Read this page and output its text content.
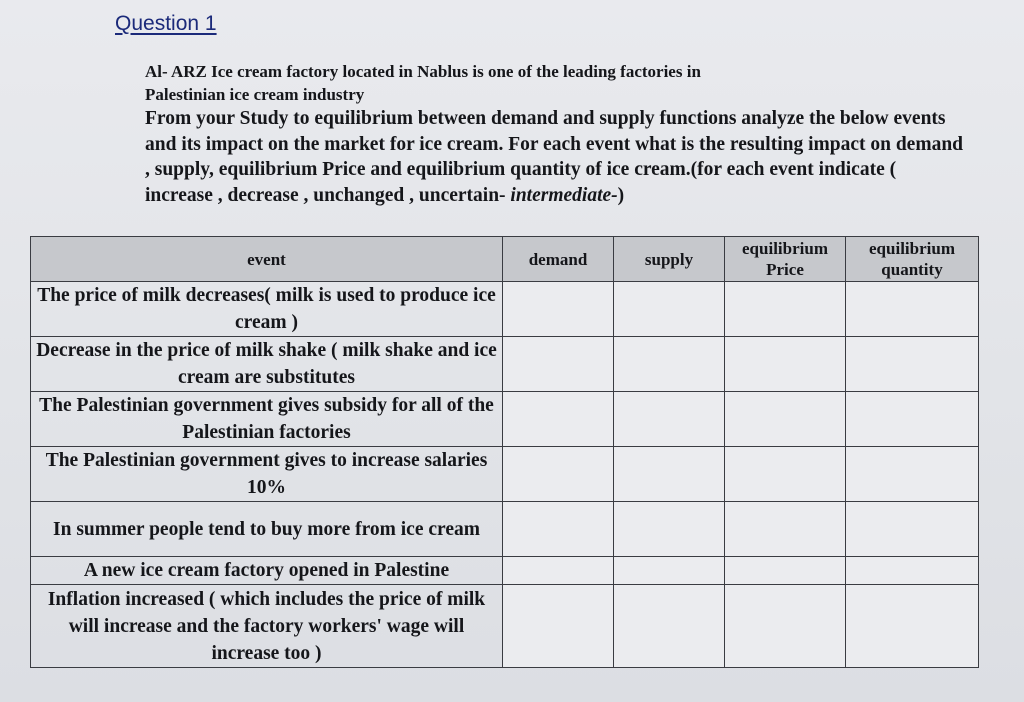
Question 1

Al- ARZ Ice cream factory located in Nablus is one of the leading factories in

Palestinian ice cream industry

From your Study to equilibrium between demand and supply functions analyze the below events and its impact on the market for ice cream. For each event what is the resulting impact on demand , supply, equilibrium Price and equilibrium quantity of ice cream.(for each event indicate ( increase , decrease , unchanged , uncertain- intermediate-)

event	demand	supply	equilibrium Price	equilibrium quantity
The price of milk decreases( milk is used to produce ice cream )				
Decrease in the price of milk shake ( milk shake and ice cream are substitutes				
The Palestinian government gives subsidy for all of the Palestinian factories				
The Palestinian government gives to increase salaries 10%				
In summer people tend to buy more from ice cream				
A new ice cream factory opened in Palestine				
Inflation increased ( which includes the price of milk will increase and the factory workers' wage will increase too )				
